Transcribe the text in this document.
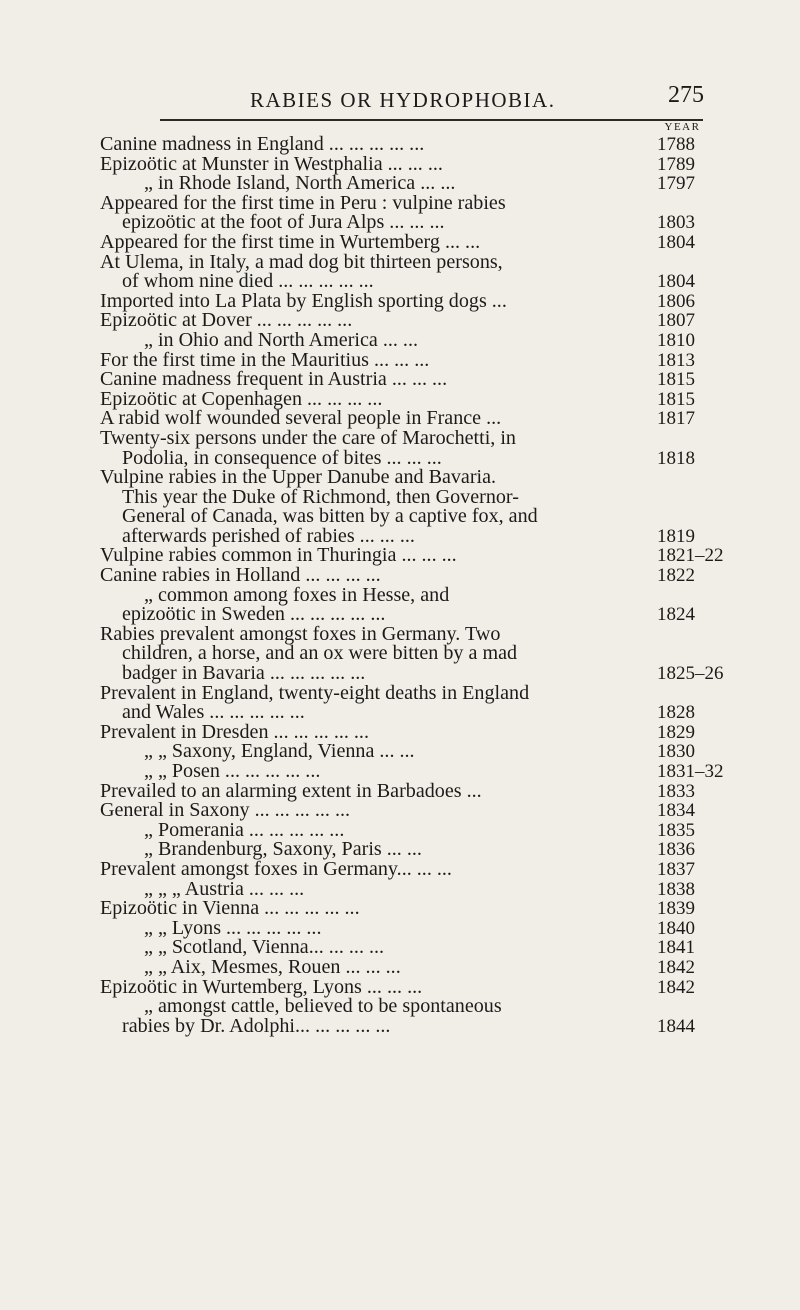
RABIES OR HYDROPHOBIA.	275
YEAR
Canine madness in England ... ... ... ... ...	1788
Epizoötic at Munster in Westphalia ... ... ...	1789
„ in Rhode Island, North America ... ...	1797
Appeared for the first time in Peru : vulpine rabies
epizoötic at the foot of Jura Alps ... ... ...	1803
Appeared for the first time in Wurtemberg ... ...	1804
At Ulema, in Italy, a mad dog bit thirteen persons,
of whom nine died ... ... ... ... ...	1804
Imported into La Plata by English sporting dogs ...	1806
Epizoötic at Dover ... ... ... ... ...	1807
„ in Ohio and North America ... ...	1810
For the first time in the Mauritius ... ... ...	1813
Canine madness frequent in Austria ... ... ...	1815
Epizoötic at Copenhagen ... ... ... ...	1815
A rabid wolf wounded several people in France ...	1817
Twenty-six persons under the care of Marochetti, in
Podolia, in consequence of bites ... ... ...	1818
Vulpine rabies in the Upper Danube and Bavaria.
This year the Duke of Richmond, then Governor-
General of Canada, was bitten by a captive fox, and
afterwards perished of rabies ... ... ...	1819
Vulpine rabies common in Thuringia ... ... ...	1821–22
Canine rabies in Holland ... ... ... ...	1822
„ common among foxes in Hesse, and
epizoötic in Sweden ... ... ... ... ...	1824
Rabies prevalent amongst foxes in Germany. Two
children, a horse, and an ox were bitten by a mad
badger in Bavaria ... ... ... ... ...	1825–26
Prevalent in England, twenty-eight deaths in England
and Wales ... ... ... ... ...	1828
Prevalent in Dresden ... ... ... ... ...	1829
„ „ Saxony, England, Vienna ... ...	1830
„ „ Posen ... ... ... ... ...	1831–32
Prevailed to an alarming extent in Barbadoes ...	1833
General in Saxony ... ... ... ... ...	1834
„ Pomerania ... ... ... ... ...	1835
„ Brandenburg, Saxony, Paris ... ...	1836
Prevalent amongst foxes in Germany... ... ...	1837
„ „ „ Austria ... ... ...	1838
Epizoötic in Vienna ... ... ... ... ...	1839
„ „ Lyons ... ... ... ... ...	1840
„ „ Scotland, Vienna... ... ... ...	1841
„ „ Aix, Mesmes, Rouen ... ... ...	1842
Epizoötic in Wurtemberg, Lyons ... ... ...	1842
„ amongst cattle, believed to be spontaneous
rabies by Dr. Adolphi... ... ... ... ...	1844
